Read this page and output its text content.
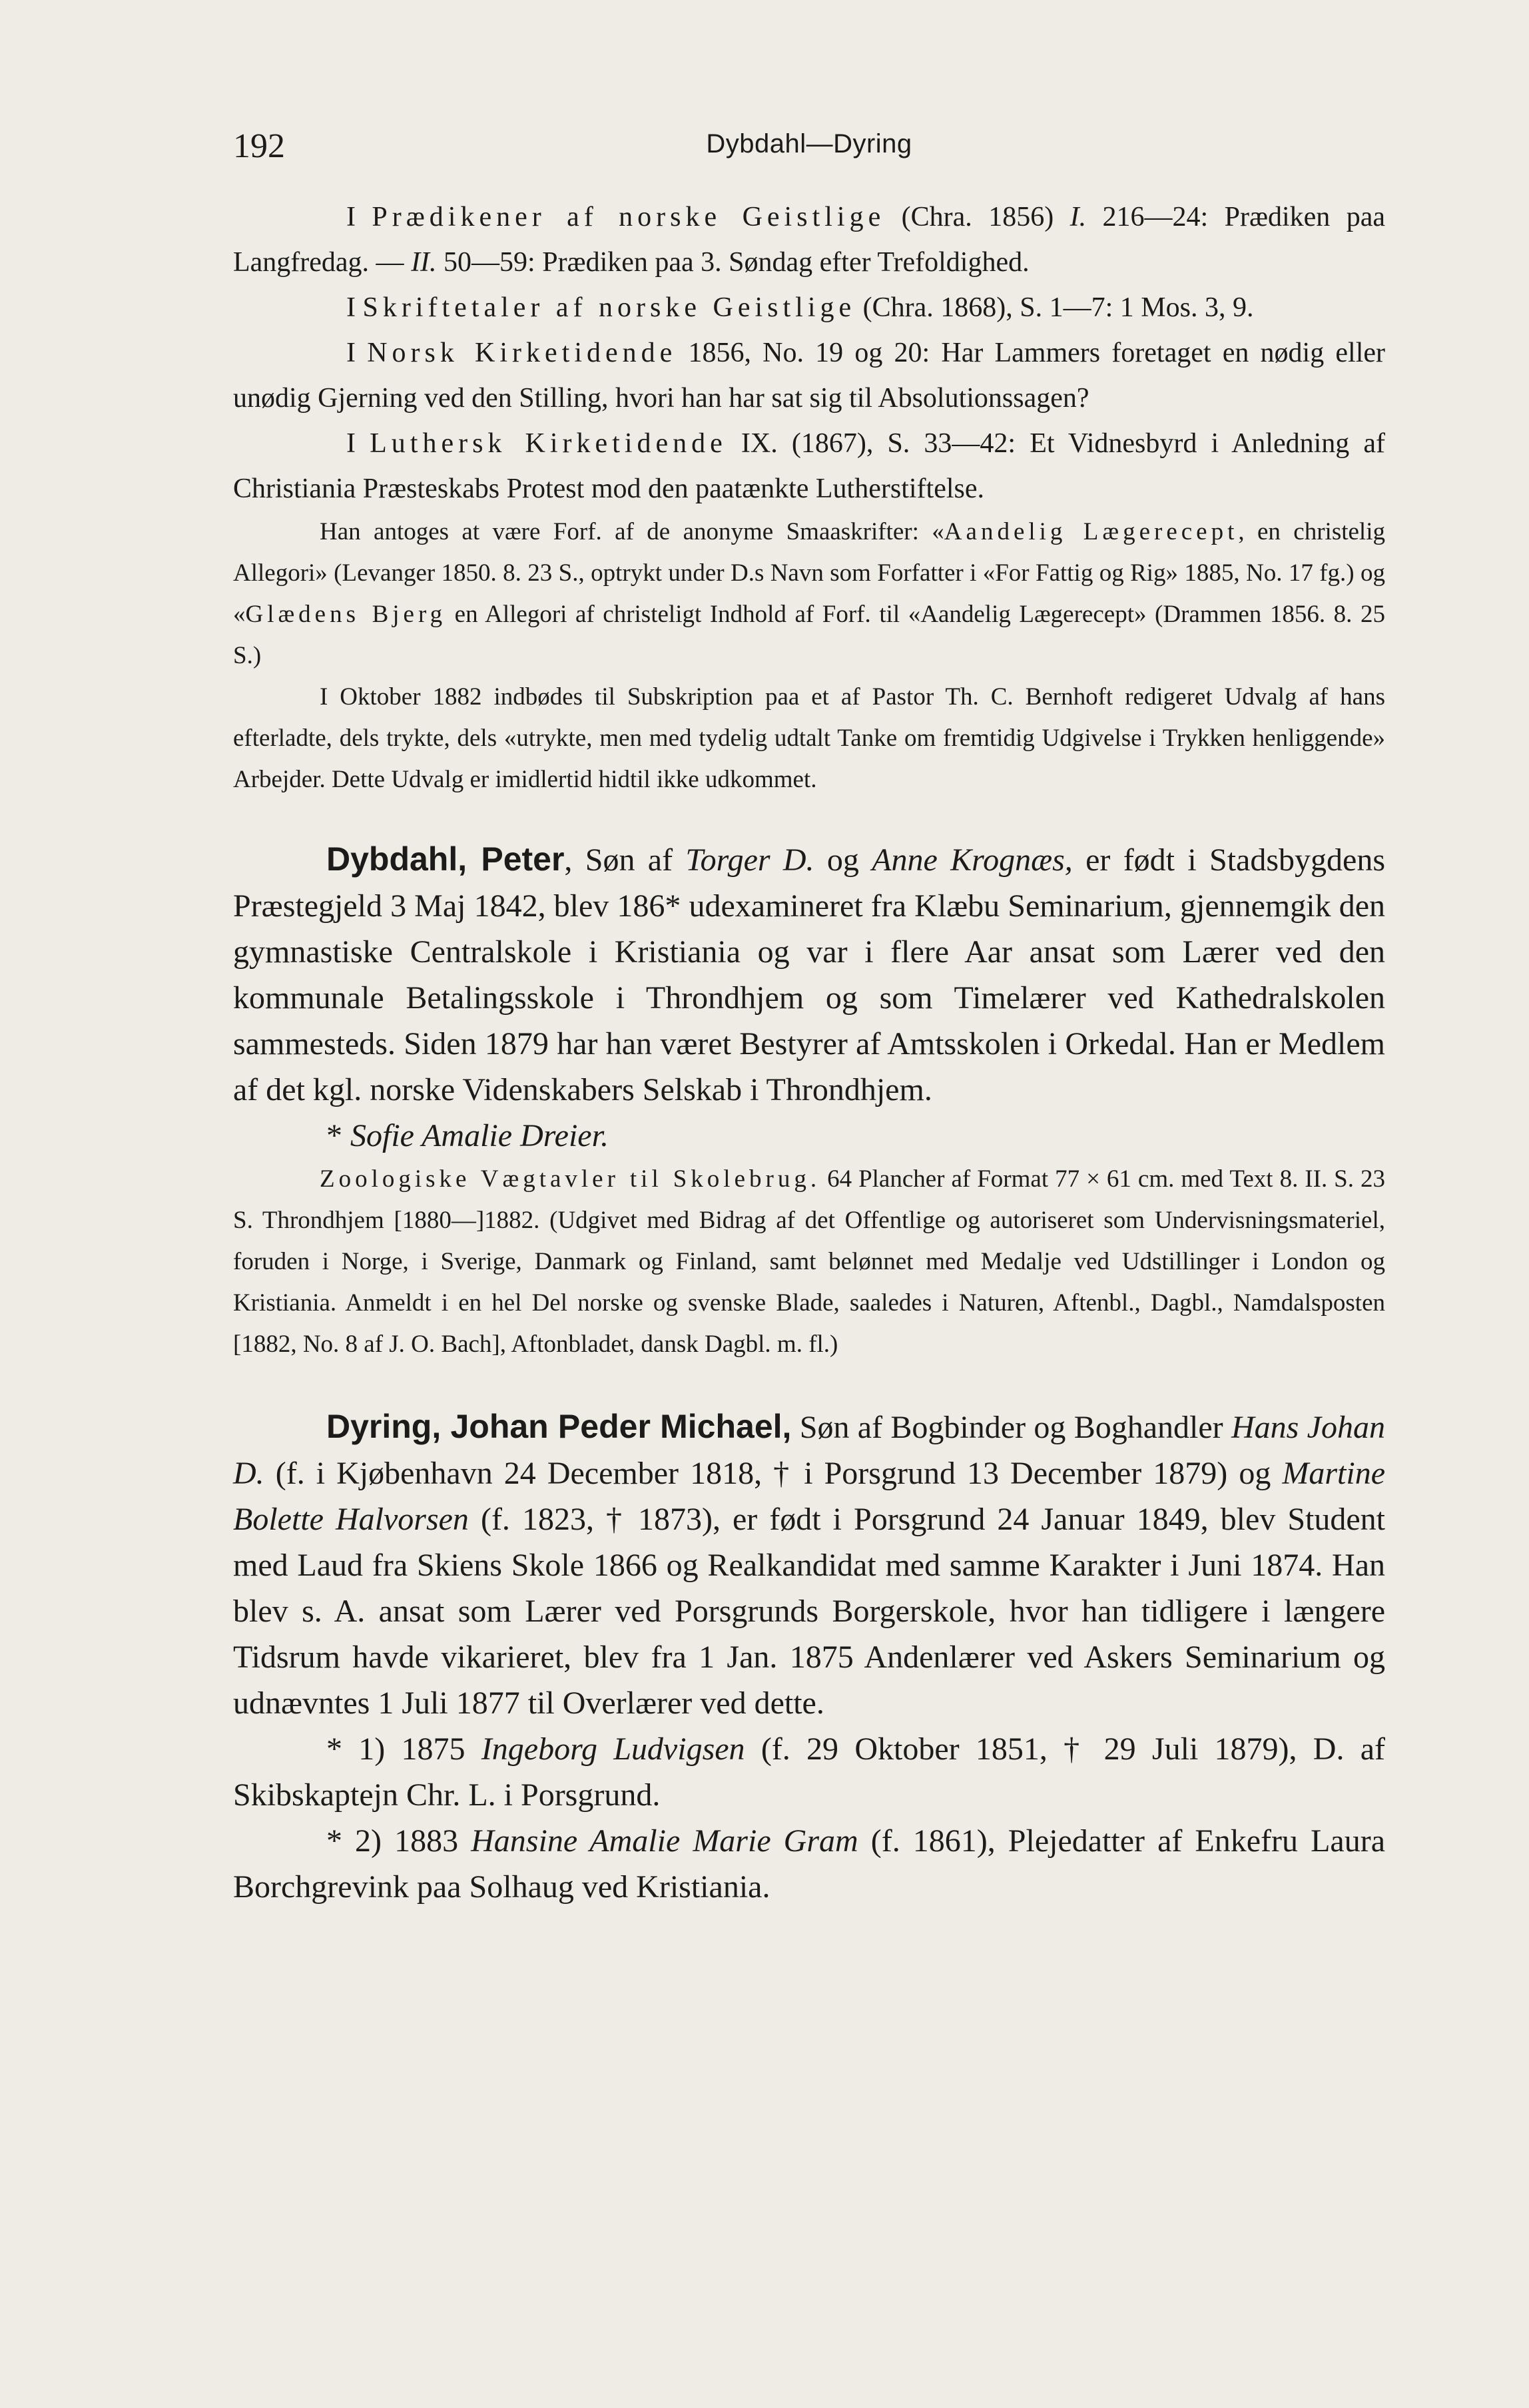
192	Dybdahl—Dyring

I Prædikener af norske Geistlige (Chra. 1856) I. 216—24: Prædiken paa Langfredag. — II. 50—59: Prædiken paa 3. Søndag efter Trefoldighed.

I Skriftetaler af norske Geistlige (Chra. 1868), S. 1—7: 1 Mos. 3, 9.

I Norsk Kirketidende 1856, No. 19 og 20: Har Lammers foretaget en nødig eller unødig Gjerning ved den Stilling, hvori han har sat sig til Absolutionssagen?

I Luthersk Kirketidende IX. (1867), S. 33—42: Et Vidnesbyrd i Anledning af Christiania Præsteskabs Protest mod den paatænkte Lutherstiftelse.

Han antoges at være Forf. af de anonyme Smaaskrifter: «Aandelig Lægerecept, en christelig Allegori» (Levanger 1850. 8. 23 S., optrykt under D.s Navn som Forfatter i «For Fattig og Rig» 1885, No. 17 fg.) og «Glædens Bjerg en Allegori af christeligt Indhold af Forf. til «Aandelig Lægerecept» (Drammen 1856. 8. 25 S.)

I Oktober 1882 indbødes til Subskription paa et af Pastor Th. C. Bernhoft redigeret Udvalg af hans efterladte, dels trykte, dels «utrykte, men med tydelig udtalt Tanke om fremtidig Udgivelse i Trykken henliggende» Arbejder. Dette Udvalg er imidlertid hidtil ikke udkommet.

Dybdahl, Peter, Søn af Torger D. og Anne Krognæs, er født i Stadsbygdens Præstegjeld 3 Maj 1842, blev 186* udexamineret fra Klæbu Seminarium, gjennemgik den gymnastiske Centralskole i Kristiania og var i flere Aar ansat som Lærer ved den kommunale Betalingsskole i Throndhjem og som Timelærer ved Kathedralskolen sammesteds. Siden 1879 har han været Bestyrer af Amtsskolen i Orkedal. Han er Medlem af det kgl. norske Videnskabers Selskab i Throndhjem.

* Sofie Amalie Dreier.

Zoologiske Vægtavler til Skolebrug. 64 Plancher af Format 77 × 61 cm. med Text 8. II. S. 23 S. Throndhjem [1880—]1882. (Udgivet med Bidrag af det Offentlige og autoriseret som Undervisningsmateriel, foruden i Norge, i Sverige, Danmark og Finland, samt belønnet med Medalje ved Udstillinger i London og Kristiania. Anmeldt i en hel Del norske og svenske Blade, saaledes i Naturen, Aftenbl., Dagbl., Namdalsposten [1882, No. 8 af J. O. Bach], Aftonbladet, dansk Dagbl. m. fl.)

Dyring, Johan Peder Michael, Søn af Bogbinder og Boghandler Hans Johan D. (f. i Kjøbenhavn 24 December 1818, † i Porsgrund 13 December 1879) og Martine Bolette Halvorsen (f. 1823, † 1873), er født i Porsgrund 24 Januar 1849, blev Student med Laud fra Skiens Skole 1866 og Realkandidat med samme Karakter i Juni 1874. Han blev s. A. ansat som Lærer ved Porsgrunds Borgerskole, hvor han tidligere i længere Tidsrum havde vikarieret, blev fra 1 Jan. 1875 Andenlærer ved Askers Seminarium og udnævntes 1 Juli 1877 til Overlærer ved dette.

* 1) 1875 Ingeborg Ludvigsen (f. 29 Oktober 1851, † 29 Juli 1879), D. af Skibskaptejn Chr. L. i Porsgrund.

* 2) 1883 Hansine Amalie Marie Gram (f. 1861), Plejedatter af Enkefru Laura Borchgrevink paa Solhaug ved Kristiania.
